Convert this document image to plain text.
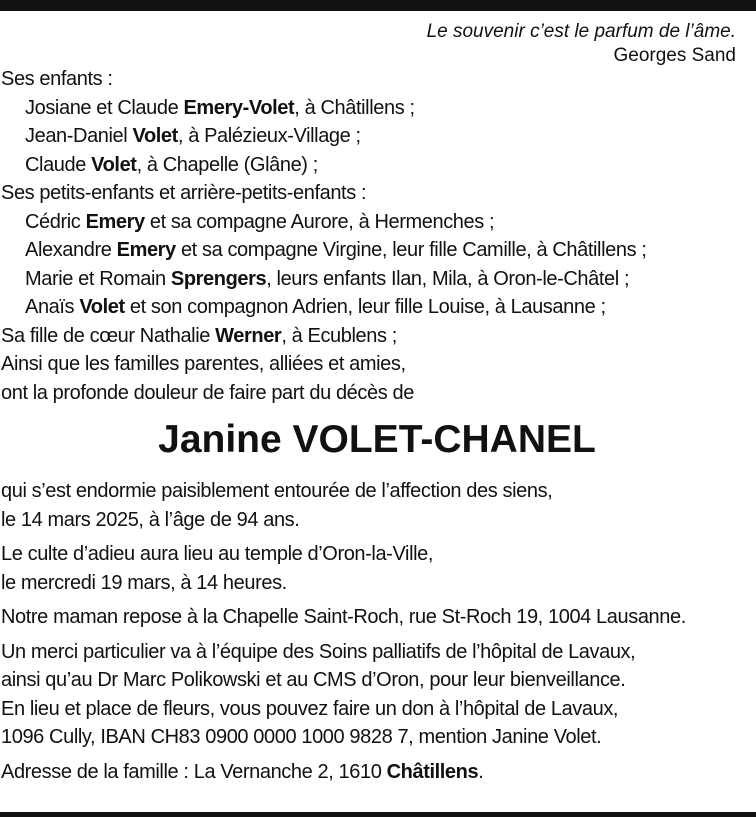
Le souvenir c’est le parfum de l’âme.
Georges Sand
Ses enfants :
Josiane et Claude Emery-Volet, à Châtillens ;
Jean-Daniel Volet, à Palézieux-Village ;
Claude Volet, à Chapelle (Glâne) ;
Ses petits-enfants et arrière-petits-enfants :
Cédric Emery et sa compagne Aurore, à Hermenches ;
Alexandre Emery et sa compagne Virgine, leur fille Camille, à Châtillens ;
Marie et Romain Sprengers, leurs enfants Ilan, Mila, à Oron-le-Châtel ;
Anaïs Volet et son compagnon Adrien, leur fille Louise, à Lausanne ;
Sa fille de cœur Nathalie Werner, à Ecublens ;
Ainsi que les familles parentes, alliées et amies,
ont la profonde douleur de faire part du décès de
Janine VOLET-CHANEL
qui s’est endormie paisiblement entourée de l’affection des siens,
le 14 mars 2025, à l’âge de 94 ans.
Le culte d’adieu aura lieu au temple d’Oron-la-Ville,
le mercredi 19 mars, à 14 heures.
Notre maman repose à la Chapelle Saint-Roch, rue St-Roch 19, 1004 Lausanne.
Un merci particulier va à l’équipe des Soins palliatifs de l’hôpital de Lavaux,
ainsi qu’au Dr Marc Polikowski et au CMS d’Oron, pour leur bienveillance.
En lieu et place de fleurs, vous pouvez faire un don à l’hôpital de Lavaux,
1096 Cully, IBAN CH83 0900 0000 1000 9828 7, mention Janine Volet.
Adresse de la famille : La Vernanche 2, 1610 Châtillens.
